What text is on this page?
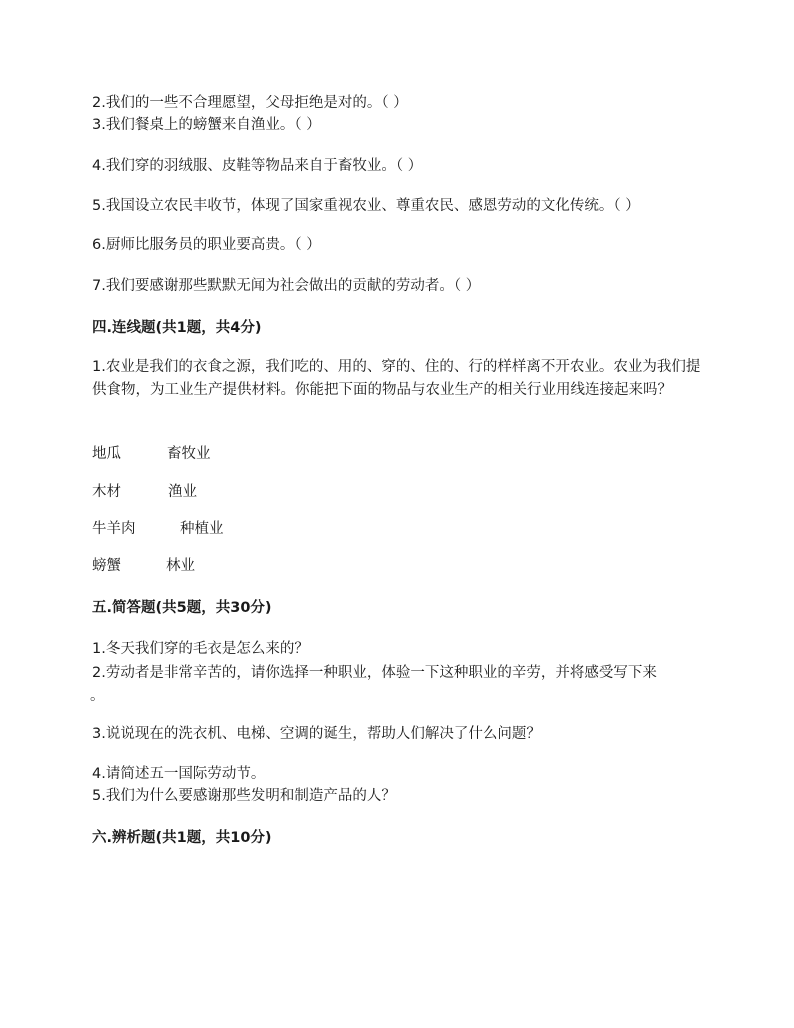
2.我们的一些不合理愿望，父母拒绝是对的。（ ）
3.我们餐桌上的螃蟹来自渔业。（ ）
4.我们穿的羽绒服、皮鞋等物品来自于畜牧业。（ ）
5.我国设立农民丰收节，体现了国家重视农业、尊重农民、感恩劳动的文化传统。（ ）
6.厨师比服务员的职业要高贵。（ ）
7.我们要感谢那些默默无闻为社会做出的贡献的劳动者。（ ）
四.连线题(共1题，共4分)
1.农业是我们的衣食之源，我们吃的、用的、穿的、住的、行的样样离不开农业。农业为我们提供食物，为工业生产提供材料。你能把下面的物品与农业生产的相关行业用线连接起来吗？
地瓜	畜牧业
木材	渔业
牛羊肉	种植业
螃蟹	林业
五.简答题(共5题，共30分)
1.冬天我们穿的毛衣是怎么来的？
2.劳动者是非常辛苦的，请你选择一种职业，体验一下这种职业的辛劳，并将感受写下来
。
3.说说现在的洗衣机、电梯、空调的诞生，帮助人们解决了什么问题？
4.请简述五一国际劳动节。
5.我们为什么要感谢那些发明和制造产品的人？
六.辨析题(共1题，共10分)
